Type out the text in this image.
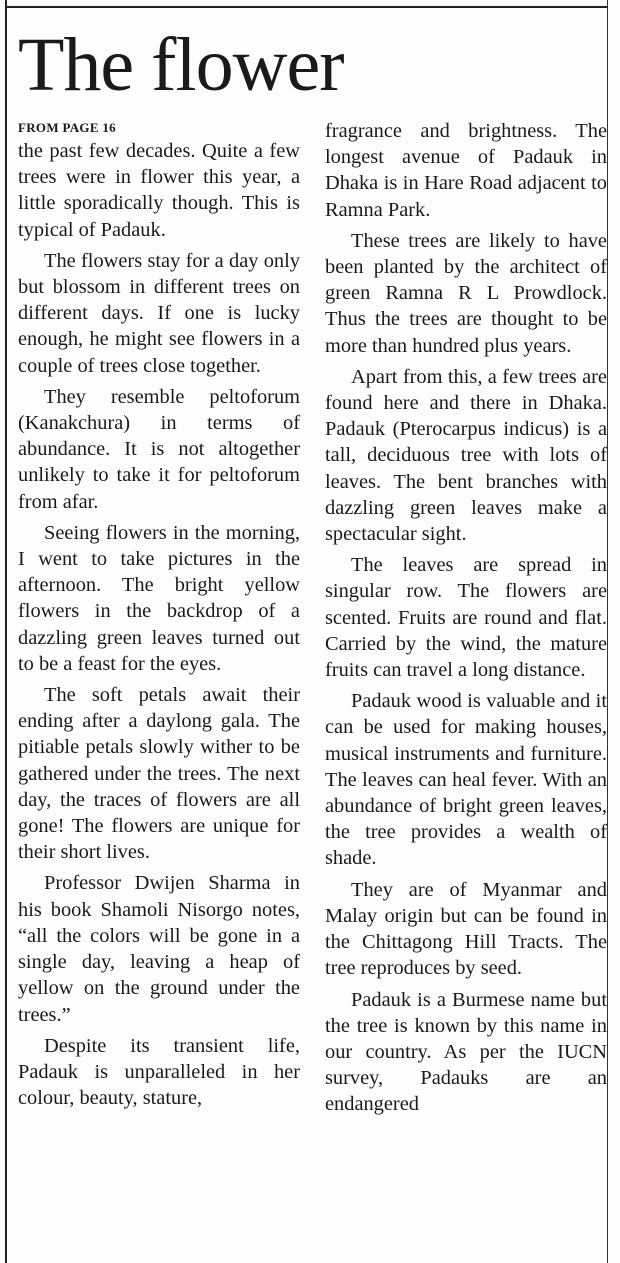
The flower
FROM PAGE 16

the past few decades. Quite a few trees were in flower this year, a little sporadically though. This is typical of Padauk.

The flowers stay for a day only but blossom in different trees on different days. If one is lucky enough, he might see flowers in a couple of trees close together.

They resemble peltoforum (Kanakchura) in terms of abundance. It is not altogether unlikely to take it for peltoforum from afar.

Seeing flowers in the morning, I went to take pictures in the afternoon. The bright yellow flowers in the backdrop of a dazzling green leaves turned out to be a feast for the eyes.

The soft petals await their ending after a daylong gala. The pitiable petals slowly wither to be gathered under the trees. The next day, the traces of flowers are all gone! The flowers are unique for their short lives.

Professor Dwijen Sharma in his book Shamoli Nisorgo notes, “all the colors will be gone in a single day, leaving a heap of yellow on the ground under the trees.”

Despite its transient life, Padauk is unparalleled in her colour, beauty, stature,

fragrance and brightness. The longest avenue of Padauk in Dhaka is in Hare Road adjacent to Ramna Park.

These trees are likely to have been planted by the architect of green Ramna R L Prowdlock. Thus the trees are thought to be more than hundred plus years.

Apart from this, a few trees are found here and there in Dhaka. Padauk (Pterocarpus indicus) is a tall, deciduous tree with lots of leaves. The bent branches with dazzling green leaves make a spectacular sight.

The leaves are spread in singular row. The flowers are scented. Fruits are round and flat. Carried by the wind, the mature fruits can travel a long distance.

Padauk wood is valuable and it can be used for making houses, musical instruments and furniture. The leaves can heal fever. With an abundance of bright green leaves, the tree provides a wealth of shade.

They are of Myanmar and Malay origin but can be found in the Chittagong Hill Tracts. The tree reproduces by seed.

Padauk is a Burmese name but the tree is known by this name in our country. As per the IUCN survey, Padauks are an endangered
